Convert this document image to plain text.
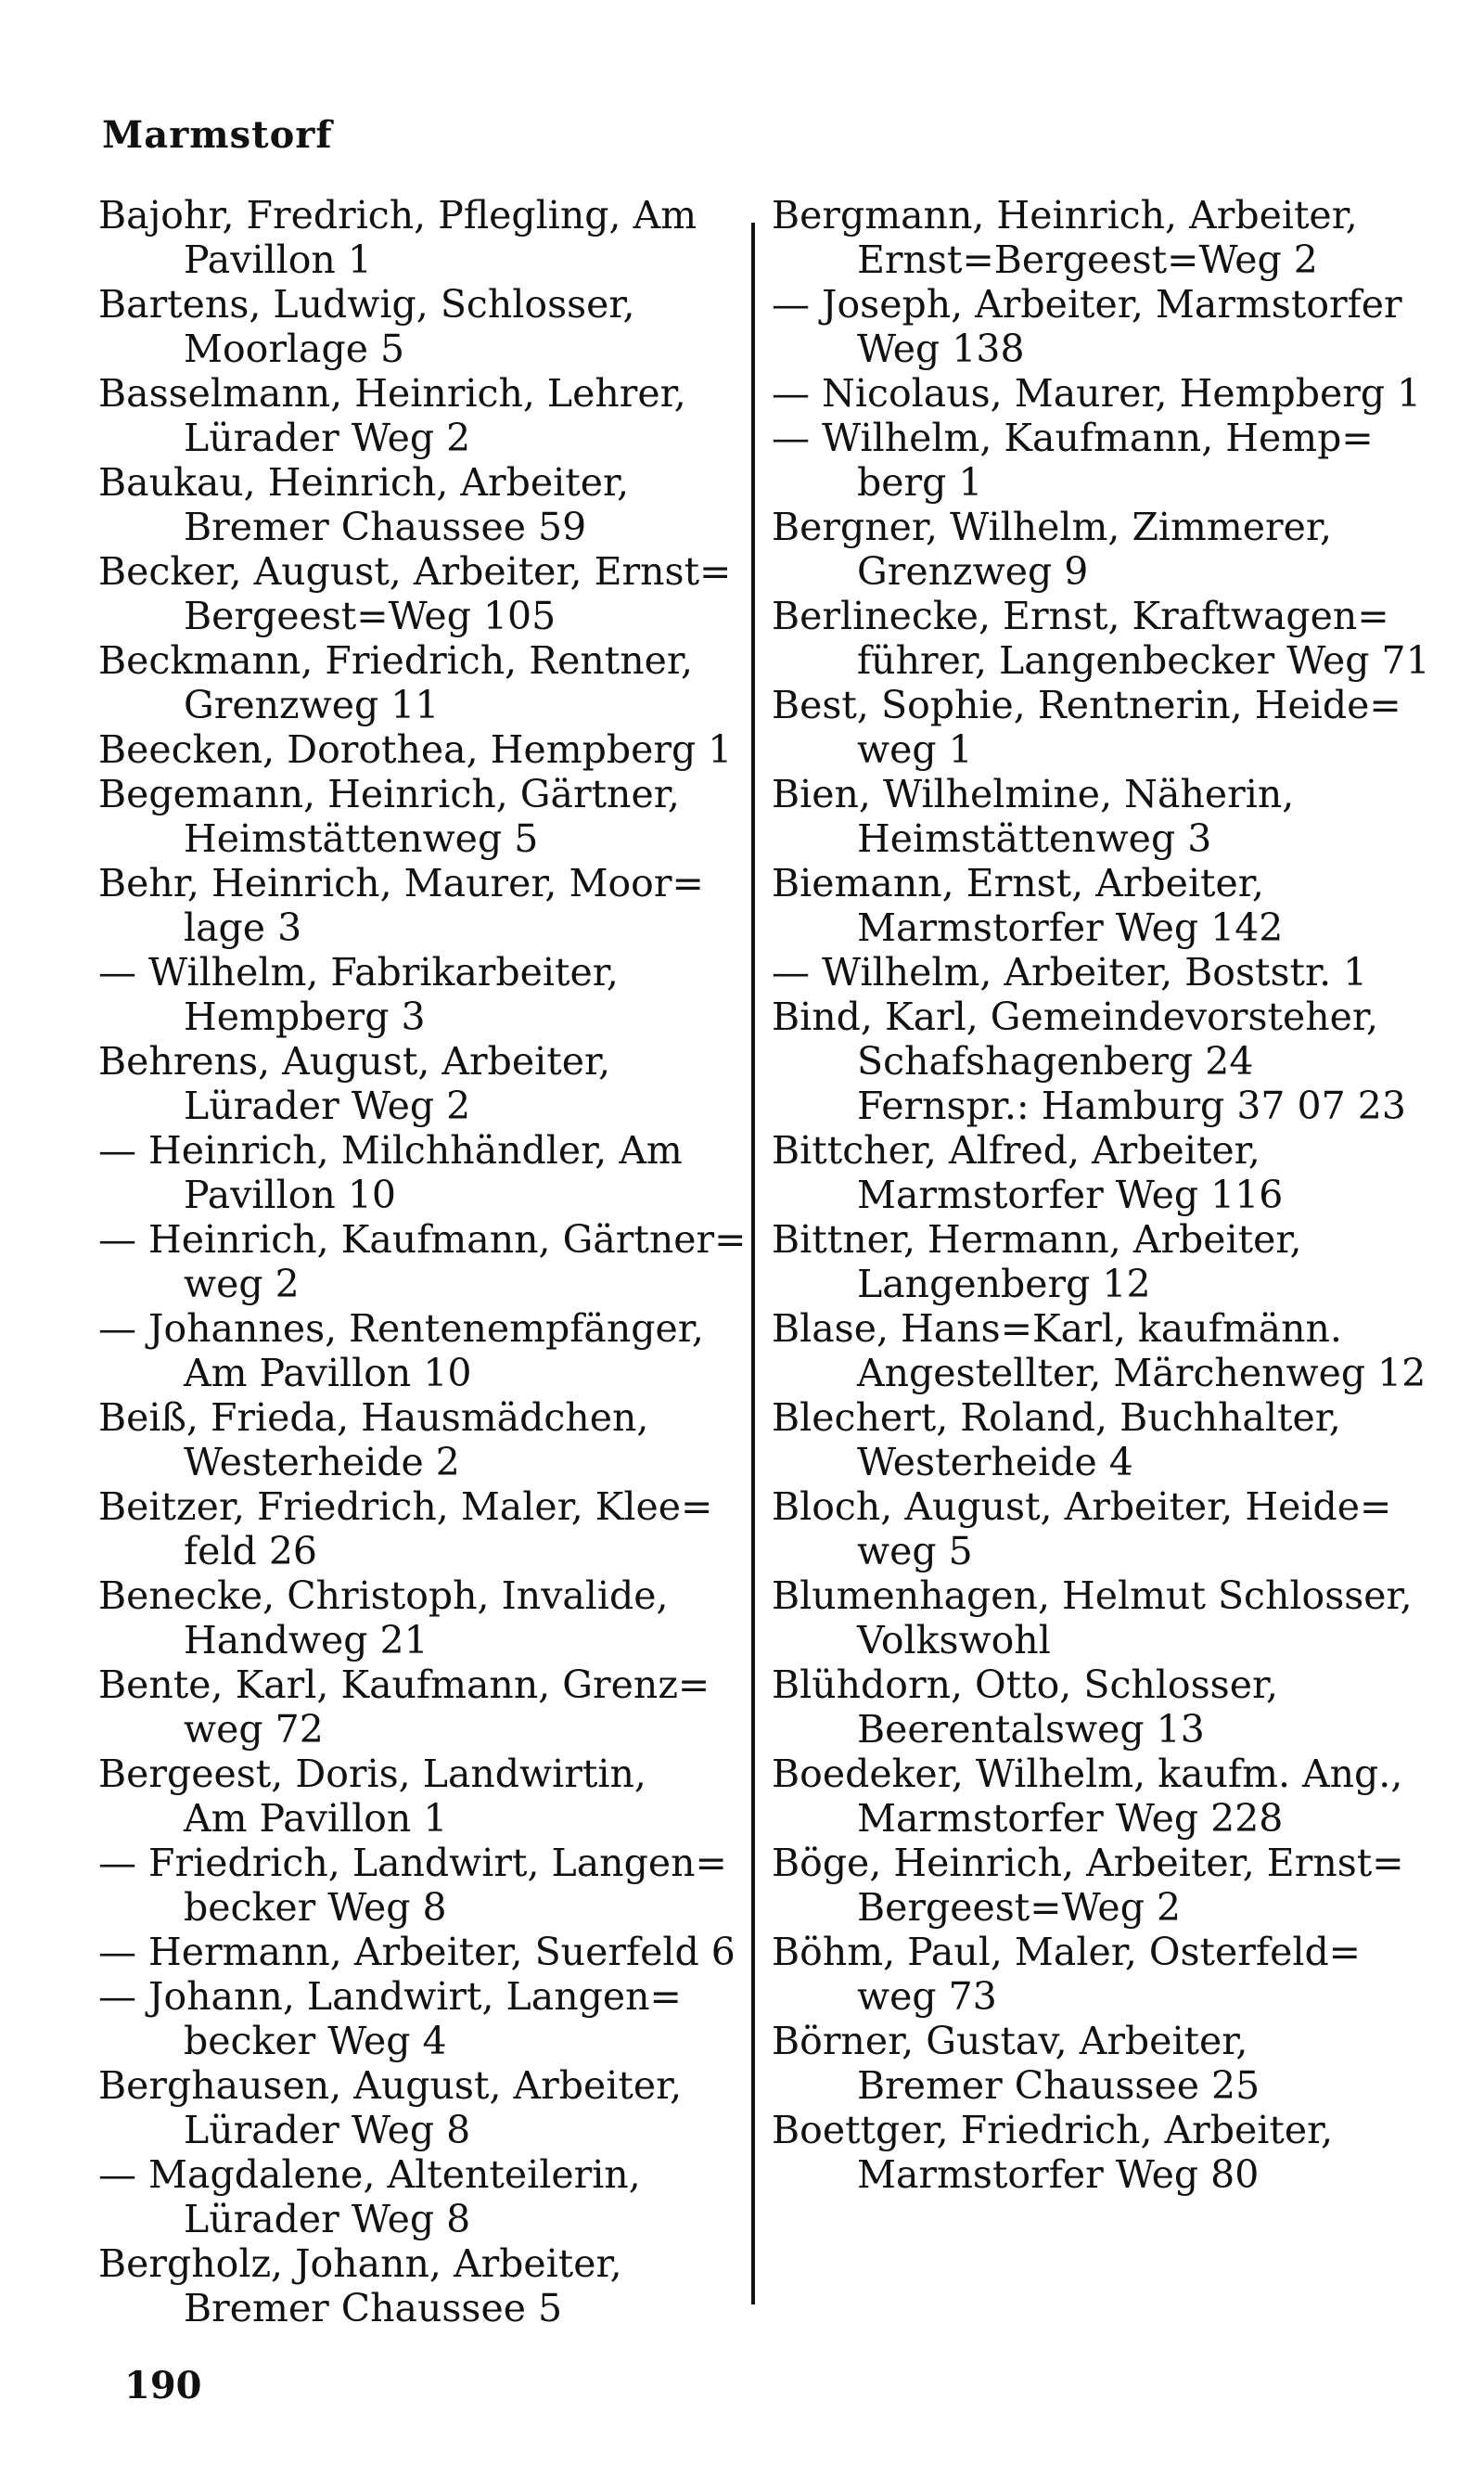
Marmstorf
Bajohr, Fredrich, Pflegling, Am
Pavillon 1
Bartens, Ludwig, Schlosser,
Moorlage 5
Basselmann, Heinrich, Lehrer,
Lürader Weg 2
Baukau, Heinrich, Arbeiter,
Bremer Chaussee 59
Becker, August, Arbeiter, Ernst=
Bergeest=Weg 105
Beckmann, Friedrich, Rentner,
Grenzweg 11
Beecken, Dorothea, Hempberg 1
Begemann, Heinrich, Gärtner,
Heimstättenweg 5
Behr, Heinrich, Maurer, Moor=
lage 3
— Wilhelm, Fabrikarbeiter,
Hempberg 3
Behrens, August, Arbeiter,
Lürader Weg 2
— Heinrich, Milchhändler, Am
Pavillon 10
— Heinrich, Kaufmann, Gärtner=
weg 2
— Johannes, Rentenempfänger,
Am Pavillon 10
Beiß, Frieda, Hausmädchen,
Westerheide 2
Beitzer, Friedrich, Maler, Klee=
feld 26
Benecke, Christoph, Invalide,
Handweg 21
Bente, Karl, Kaufmann, Grenz=
weg 72
Bergeest, Doris, Landwirtin,
Am Pavillon 1
— Friedrich, Landwirt, Langen=
becker Weg 8
— Hermann, Arbeiter, Suerfeld 6
— Johann, Landwirt, Langen=
becker Weg 4
Berghausen, August, Arbeiter,
Lürader Weg 8
— Magdalene, Altenteilerin,
Lürader Weg 8
Bergholz, Johann, Arbeiter,
Bremer Chaussee 5
Bergmann, Heinrich, Arbeiter,
Ernst=Bergeest=Weg 2
— Joseph, Arbeiter, Marmstorfer
Weg 138
— Nicolaus, Maurer, Hempberg 1
— Wilhelm, Kaufmann, Hemp=
berg 1
Bergner, Wilhelm, Zimmerer,
Grenzweg 9
Berlinecke, Ernst, Kraftwagen=
führer, Langenbecker Weg 71
Best, Sophie, Rentnerin, Heide=
weg 1
Bien, Wilhelmine, Näherin,
Heimstättenweg 3
Biemann, Ernst, Arbeiter,
Marmstorfer Weg 142
— Wilhelm, Arbeiter, Boststr. 1
Bind, Karl, Gemeindevorsteher,
Schafshagenberg 24
Fernspr.: Hamburg 37 07 23
Bittcher, Alfred, Arbeiter,
Marmstorfer Weg 116
Bittner, Hermann, Arbeiter,
Langenberg 12
Blase, Hans=Karl, kaufmänn.
Angestellter, Märchenweg 12
Blechert, Roland, Buchhalter,
Westerheide 4
Bloch, August, Arbeiter, Heide=
weg 5
Blumenhagen, Helmut Schlosser,
Volkswohl
Blühdorn, Otto, Schlosser,
Beerentalsweg 13
Boedeker, Wilhelm, kaufm. Ang.,
Marmstorfer Weg 228
Böge, Heinrich, Arbeiter, Ernst=
Bergeest=Weg 2
Böhm, Paul, Maler, Osterfeld=
weg 73
Börner, Gustav, Arbeiter,
Bremer Chaussee 25
Boettger, Friedrich, Arbeiter,
Marmstorfer Weg 80
190
